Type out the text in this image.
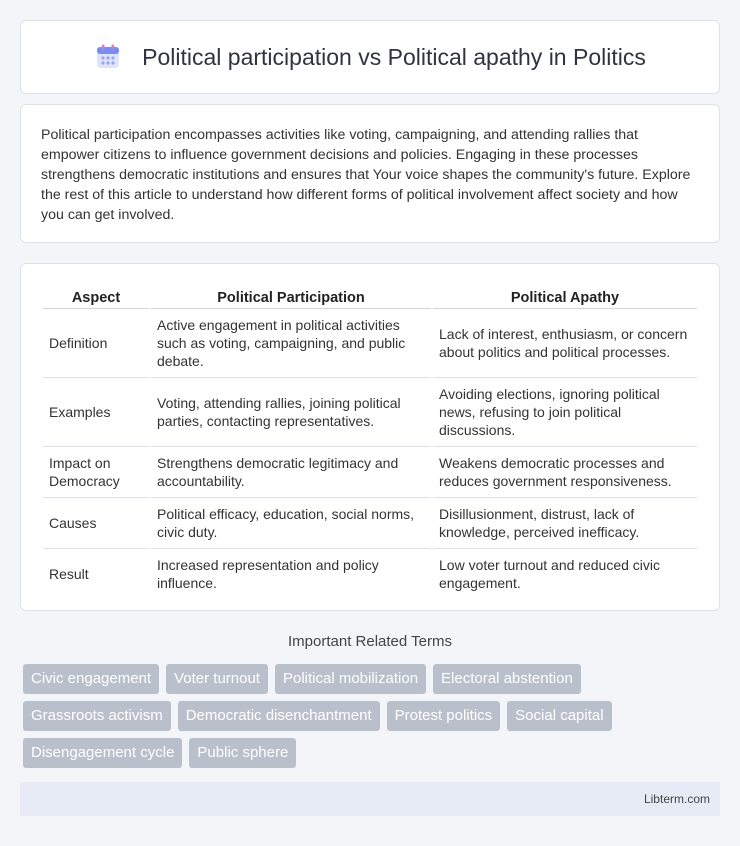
Political participation vs Political apathy in Politics

Political participation encompasses activities like voting, campaigning, and attending rallies that empower citizens to influence government decisions and policies. Engaging in these processes strengthens democratic institutions and ensures that Your voice shapes the community's future. Explore the rest of this article to understand how different forms of political involvement affect society and how you can get involved.

Aspect	Political Participation	Political Apathy
Definition	Active engagement in political activities such as voting, campaigning, and public debate.	Lack of interest, enthusiasm, or concern about politics and political processes.
Examples	Voting, attending rallies, joining political parties, contacting representatives.	Avoiding elections, ignoring political news, refusing to join political discussions.
Impact on Democracy	Strengthens democratic legitimacy and accountability.	Weakens democratic processes and reduces government responsiveness.
Causes	Political efficacy, education, social norms, civic duty.	Disillusionment, distrust, lack of knowledge, perceived inefficacy.
Result	Increased representation and policy influence.	Low voter turnout and reduced civic engagement.
Important Related Terms
Civic engagement	Voter turnout	Political mobilization	Electoral abstention
Grassroots activism	Democratic disenchantment	Protest politics	Social capital
Disengagement cycle	Public sphere
Libterm.com
